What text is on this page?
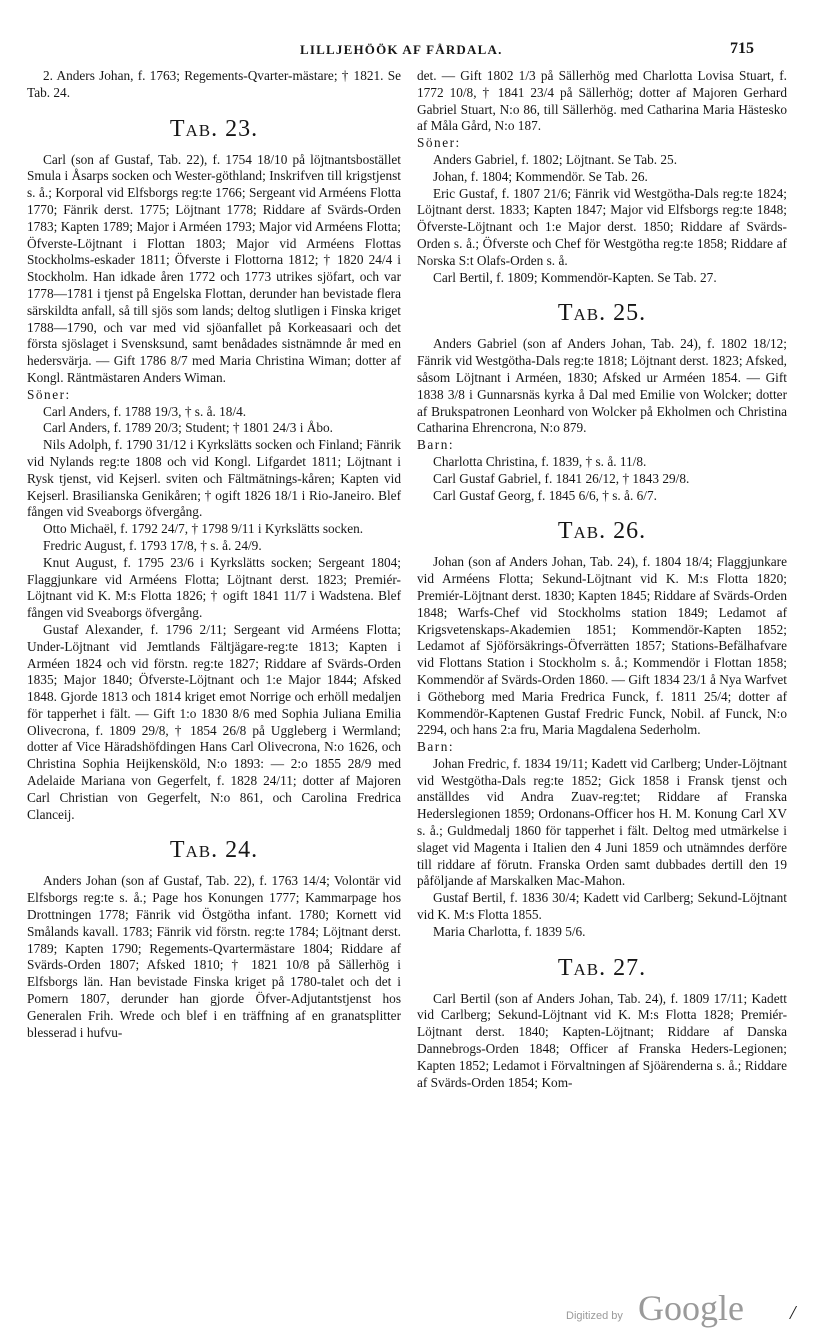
LILLJEHÖÖK AF FÅRDALA.	715

2. Anders Johan, f. 1763; Regements-Qvarter-mästare; † 1821. Se Tab. 24.

Tab. 23.

Carl (son af Gustaf, Tab. 22), f. 1754 18/10 på löjtnantsbostället Smula i Åsarps socken och Wester-göthland; Inskrifven till krigstjenst s. å.; Korporal vid Elfsborgs reg:te 1766; Sergeant vid Arméens Flotta 1770; Fänrik derst. 1775; Löjtnant 1778; Riddare af Svärds-Orden 1783; Kapten 1789; Major i Arméen 1793; Major vid Arméens Flotta; Öfverste-Löjtnant i Flottan 1803; Major vid Arméens Flottas Stockholms-eskader 1811; Öfverste i Flottorna 1812; † 1820 24/4 i Stockholm. Han idkade åren 1772 och 1773 utrikes sjöfart, och var 1778—1781 i tjenst på Engelska Flottan, derunder han bevistade flera särskildta anfall, så till sjös som lands; deltog slutligen i Finska kriget 1788—1790, och var med vid sjöanfallet på Korkeasaari och det första sjöslaget i Svensksund, samt benådades sistnämnde år med en hedersvärja. — Gift 1786 8/7 med Maria Christina Wiman; dotter af Kongl. Räntmästaren Anders Wiman.

Söner:

Carl Anders, f. 1788 19/3, † s. å. 18/4.

Carl Anders, f. 1789 20/3; Student; † 1801 24/3 i Åbo.

Nils Adolph, f. 1790 31/12 i Kyrkslätts socken och Finland; Fänrik vid Nylands reg:te 1808 och vid Kongl. Lifgardet 1811; Löjtnant i Rysk tjenst, vid Kejserl. sviten och Fältmätnings-kåren; Kapten vid Kejserl. Brasilianska Genikåren; † ogift 1826 18/1 i Rio-Janeiro. Blef fången vid Sveaborgs öfvergång.

Otto Michaël, f. 1792 24/7, † 1798 9/11 i Kyrkslätts socken.

Fredric August, f. 1793 17/8, † s. å. 24/9.

Knut August, f. 1795 23/6 i Kyrkslätts socken; Sergeant 1804; Flaggjunkare vid Arméens Flotta; Löjtnant derst. 1823; Premiér-Löjtnant vid K. M:s Flotta 1826; † ogift 1841 11/7 i Wadstena. Blef fången vid Sveaborgs öfvergång.

Gustaf Alexander, f. 1796 2/11; Sergeant vid Arméens Flotta; Under-Löjtnant vid Jemtlands Fältjägare-reg:te 1813; Kapten i Arméen 1824 och vid förstn. reg:te 1827; Riddare af Svärds-Orden 1835; Major 1840; Öfverste-Löjtnant och 1:e Major 1844; Afsked 1848. Gjorde 1813 och 1814 kriget emot Norrige och erhöll medaljen för tapperhet i fält. — Gift 1:o 1830 8/6 med Sophia Juliana Emilia Olivecrona, f. 1809 29/8, † 1854 26/8 på Uggleberg i Wermland; dotter af Vice Häradshöfdingen Hans Carl Olivecrona, N:o 1626, och Christina Sophia Heijkensköld, N:o 1893: — 2:o 1855 28/9 med Adelaide Mariana von Gegerfelt, f. 1828 24/11; dotter af Majoren Carl Christian von Gegerfelt, N:o 861, och Carolina Fredrica Clanceij.

Tab. 24.

Anders Johan (son af Gustaf, Tab. 22), f. 1763 14/4; Volontär vid Elfsborgs reg:te s. å.; Page hos Konungen 1777; Kammarpage hos Drottningen 1778; Fänrik vid Östgötha infant. 1780; Kornett vid Smålands kavall. 1783; Fänrik vid förstn. reg:te 1784; Löjtnant derst. 1789; Kapten 1790; Regements-Qvartermästare 1804; Riddare af Svärds-Orden 1807; Afsked 1810; † 1821 10/8 på Sällerhög i Elfsborgs län. Han bevistade Finska kriget på 1780-talet och det i Pomern 1807, derunder han gjorde Öfver-Adjutantstjenst hos Generalen Frih. Wrede och blef i en träffning af en granatsplitter blesserad i hufvu-

det. — Gift 1802 1/3 på Sällerhög med Charlotta Lovisa Stuart, f. 1772 10/8, † 1841 23/4 på Sällerhög; dotter af Majoren Gerhard Gabriel Stuart, N:o 86, till Sällerhög. med Catharina Maria Hästesko af Måla Gård, N:o 187.

Söner:

Anders Gabriel, f. 1802; Löjtnant. Se Tab. 25.

Johan, f. 1804; Kommendör. Se Tab. 26.

Eric Gustaf, f. 1807 21/6; Fänrik vid Westgötha-Dals reg:te 1824; Löjtnant derst. 1833; Kapten 1847; Major vid Elfsborgs reg:te 1848; Öfverste-Löjtnant och 1:e Major derst. 1850; Riddare af Svärds-Orden s. å.; Öfverste och Chef för Westgötha reg:te 1858; Riddare af Norska S:t Olafs-Orden s. å.

Carl Bertil, f. 1809; Kommendör-Kapten. Se Tab. 27.

Tab. 25.

Anders Gabriel (son af Anders Johan, Tab. 24), f. 1802 18/12; Fänrik vid Westgötha-Dals reg:te 1818; Löjtnant derst. 1823; Afsked, såsom Löjtnant i Arméen, 1830; Afsked ur Arméen 1854. — Gift 1838 3/8 i Gunnarsnäs kyrka å Dal med Emilie von Wolcker; dotter af Brukspatronen Leonhard von Wolcker på Ekholmen och Christina Catharina Ehrencrona, N:o 879.

Barn:

Charlotta Christina, f. 1839, † s. å. 11/8.

Carl Gustaf Gabriel, f. 1841 26/12, † 1843 29/8.

Carl Gustaf Georg, f. 1845 6/6, † s. å. 6/7.

Tab. 26.

Johan (son af Anders Johan, Tab. 24), f. 1804 18/4; Flaggjunkare vid Arméens Flotta; Sekund-Löjtnant vid K. M:s Flotta 1820; Premiér-Löjtnant derst. 1830; Kapten 1845; Riddare af Svärds-Orden 1848; Warfs-Chef vid Stockholms station 1849; Ledamot af Krigsvetenskaps-Akademien 1851; Kommendör-Kapten 1852; Ledamot af Sjöförsäkrings-Öfverrätten 1857; Stations-Befälhafvare vid Flottans Station i Stockholm s. å.; Kommendör i Flottan 1858; Kommendör af Svärds-Orden 1860. — Gift 1834 23/1 å Nya Warfvet i Götheborg med Maria Fredrica Funck, f. 1811 25/4; dotter af Kommendör-Kaptenen Gustaf Fredric Funck, Nobil. af Funck, N:o 2294, och hans 2:a fru, Maria Magdalena Sederholm.

Barn:

Johan Fredric, f. 1834 19/11; Kadett vid Carlberg; Under-Löjtnant vid Westgötha-Dals reg:te 1852; Gick 1858 i Fransk tjenst och anställdes vid Andra Zuav-reg:tet; Riddare af Franska Hederslegionen 1859; Ordonans-Officer hos H. M. Konung Carl XV s. å.; Guldmedalj 1860 för tapperhet i fält. Deltog med utmärkelse i slaget vid Magenta i Italien den 4 Juni 1859 och utnämndes derföre till riddare af förutn. Franska Orden samt dubbades dertill den 19 påföljande af Marskalken Mac-Mahon.

Gustaf Bertil, f. 1836 30/4; Kadett vid Carlberg; Sekund-Löjtnant vid K. M:s Flotta 1855.

Maria Charlotta, f. 1839 5/6.

Tab. 27.

Carl Bertil (son af Anders Johan, Tab. 24), f. 1809 17/11; Kadett vid Carlberg; Sekund-Löjtnant vid K. M:s Flotta 1828; Premiér-Löjtnant derst. 1840; Kapten-Löjtnant; Riddare af Danska Dannebrogs-Orden 1848; Officer af Franska Heders-Legionen; Kapten 1852; Ledamot i Förvaltningen af Sjöärenderna s. å.; Riddare af Svärds-Orden 1854; Kom-

Digitized by Google /
